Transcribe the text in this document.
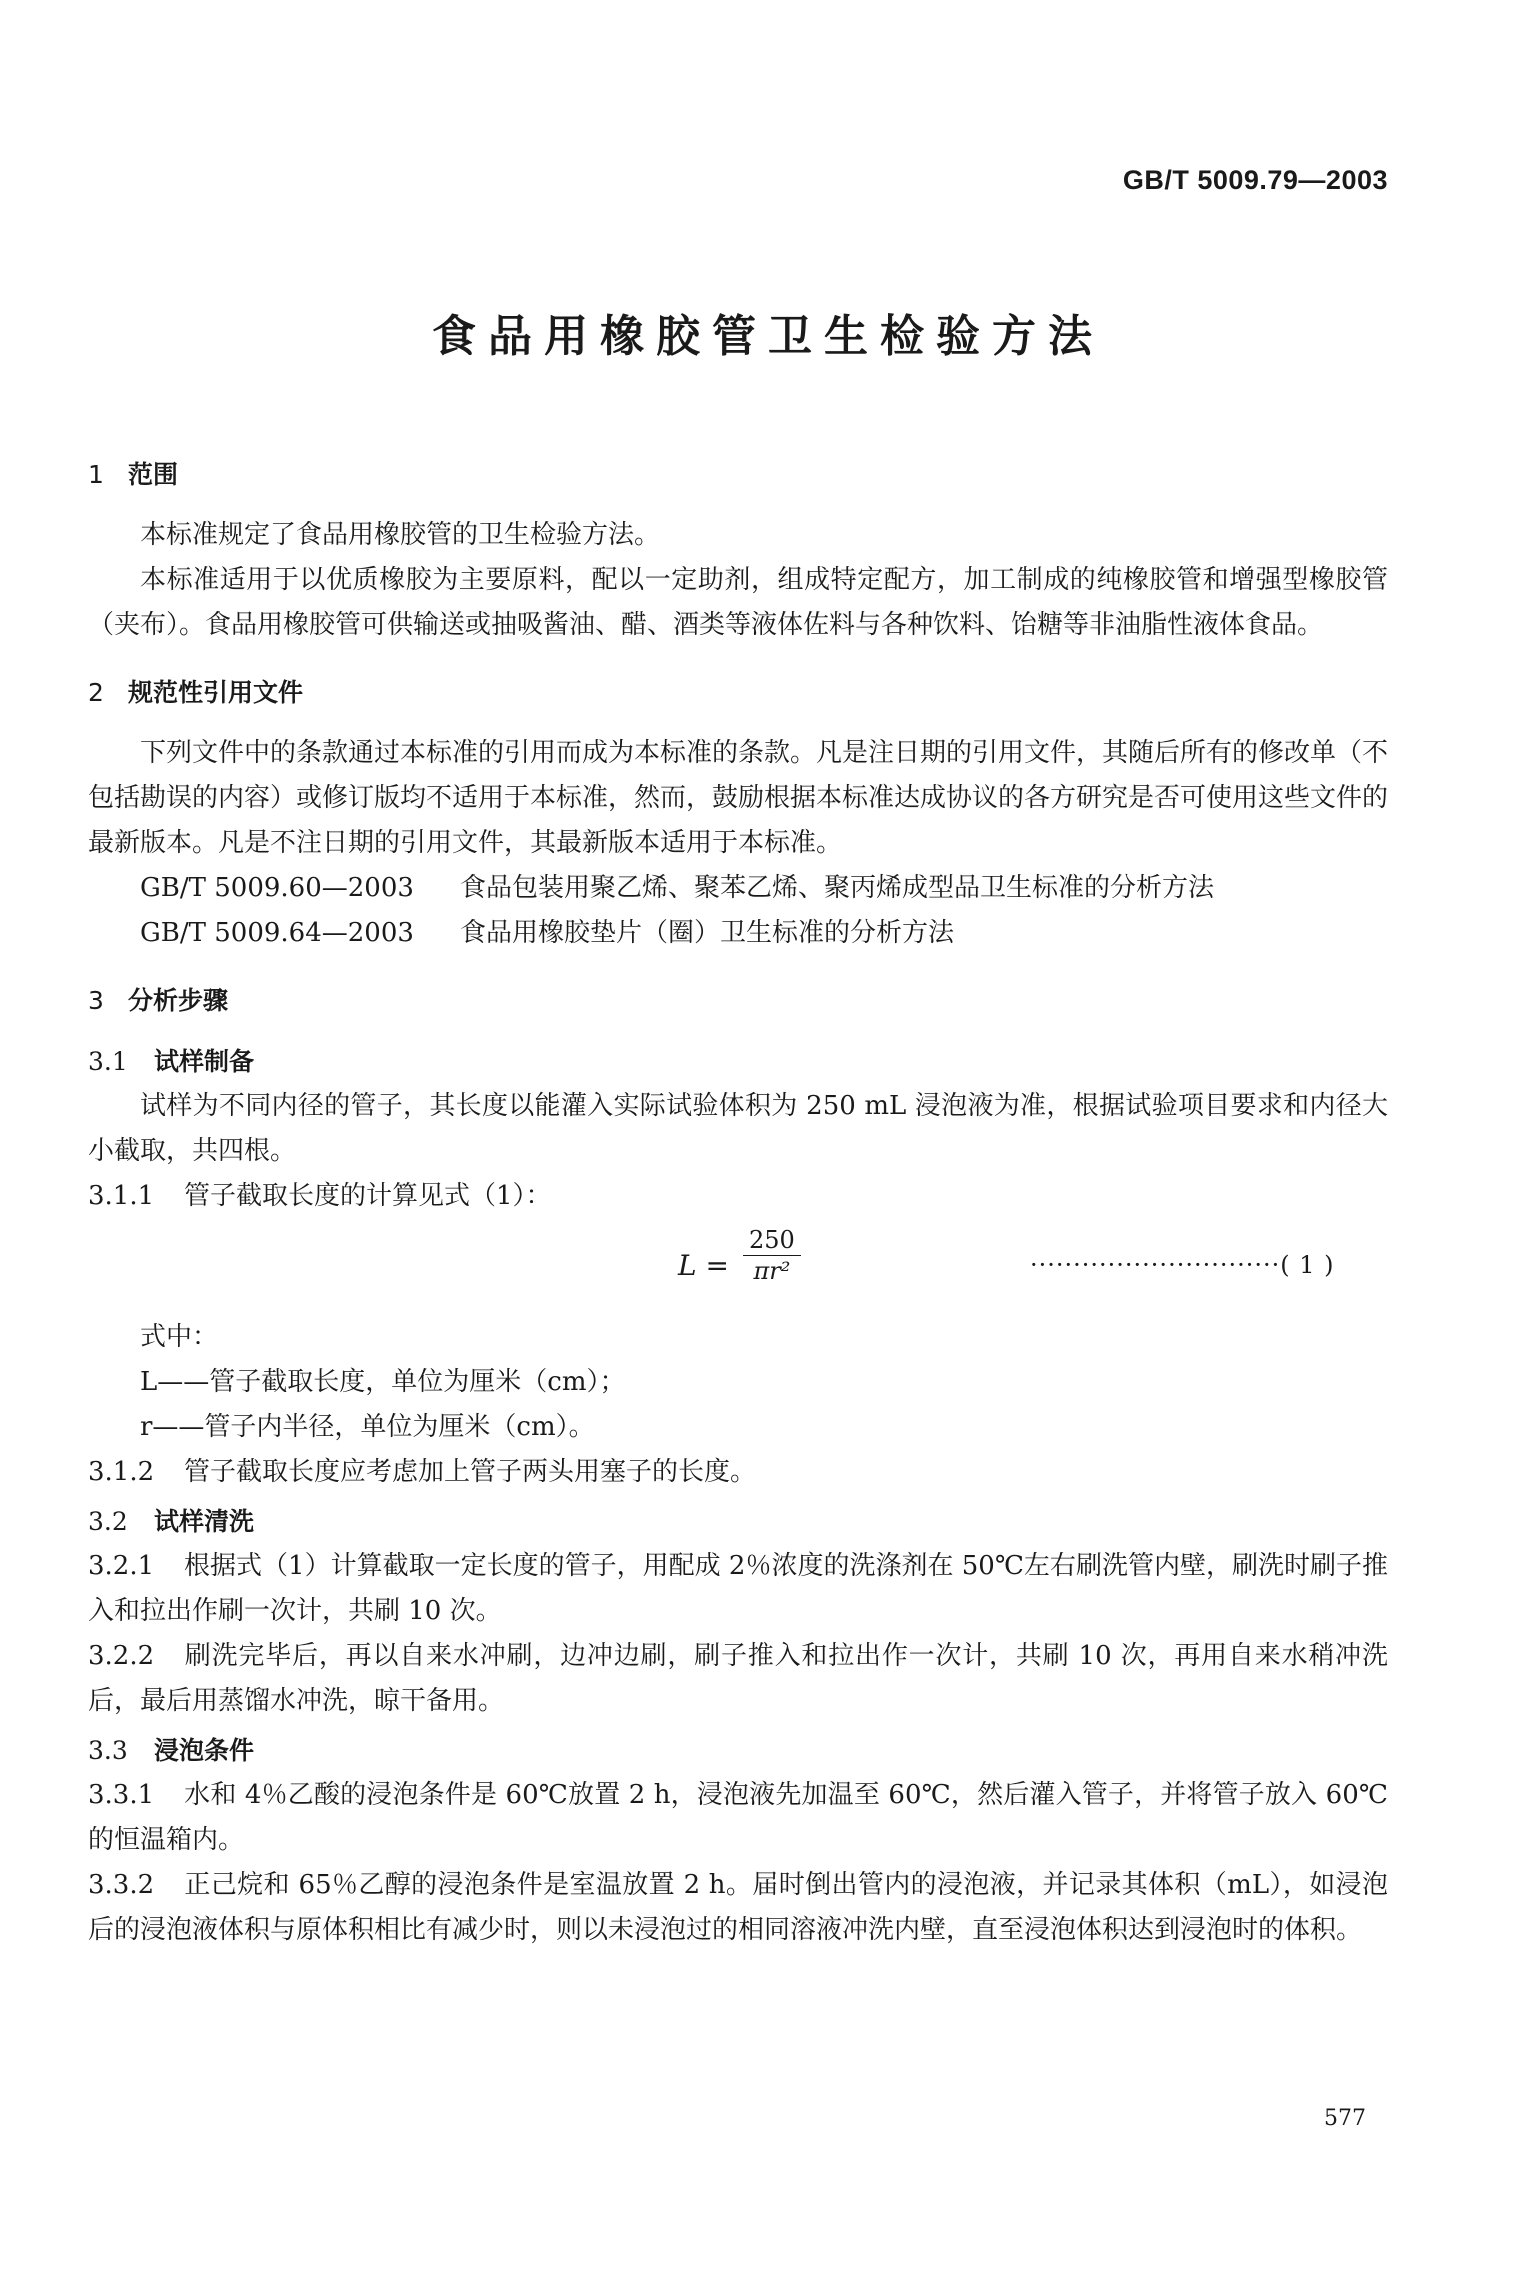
GB/T 5009.79—2003
食品用橡胶管卫生检验方法
1 范围

本标准规定了食品用橡胶管的卫生检验方法。

本标准适用于以优质橡胶为主要原料，配以一定助剂，组成特定配方，加工制成的纯橡胶管和增强型橡胶管（夹布）。食品用橡胶管可供输送或抽吸酱油、醋、酒类等液体佐料与各种饮料、饴糖等非油脂性液体食品。

2 规范性引用文件

下列文件中的条款通过本标准的引用而成为本标准的条款。凡是注日期的引用文件，其随后所有的修改单（不包括勘误的内容）或修订版均不适用于本标准，然而，鼓励根据本标准达成协议的各方研究是否可使用这些文件的最新版本。凡是不注日期的引用文件，其最新版本适用于本标准。

GB/T 5009.60—2003 食品包装用聚乙烯、聚苯乙烯、聚丙烯成型品卫生标准的分析方法

GB/T 5009.64—2003 食品用橡胶垫片（圈）卫生标准的分析方法

3 分析步骤
3.1 试样制备

试样为不同内径的管子，其长度以能灌入实际试验体积为 250 mL 浸泡液为准，根据试验项目要求和内径大小截取，共四根。

3.1.1 管子截取长度的计算见式（1）：

$L = \frac{250}{\text{πr²}}$	·····························( 1 )

式中：

L——管子截取长度，单位为厘米（cm）；

r——管子内半径，单位为厘米（cm）。

3.1.2 管子截取长度应考虑加上管子两头用塞子的长度。

3.2 试样清洗

3.2.1 根据式（1）计算截取一定长度的管子，用配成 2％浓度的洗涤剂在 50℃左右刷洗管内壁，刷洗时刷子推入和拉出作刷一次计，共刷 10 次。

3.2.2 刷洗完毕后，再以自来水冲刷，边冲边刷，刷子推入和拉出作一次计，共刷 10 次，再用自来水稍冲洗后，最后用蒸馏水冲洗，晾干备用。

3.3 浸泡条件

3.3.1 水和 4％乙酸的浸泡条件是 60℃放置 2 h，浸泡液先加温至 60℃，然后灌入管子，并将管子放入 60℃的恒温箱内。

3.3.2 正己烷和 65％乙醇的浸泡条件是室温放置 2 h。届时倒出管内的浸泡液，并记录其体积（mL），如浸泡后的浸泡液体积与原体积相比有减少时，则以未浸泡过的相同溶液冲洗内壁，直至浸泡体积达到浸泡时的体积。

577
